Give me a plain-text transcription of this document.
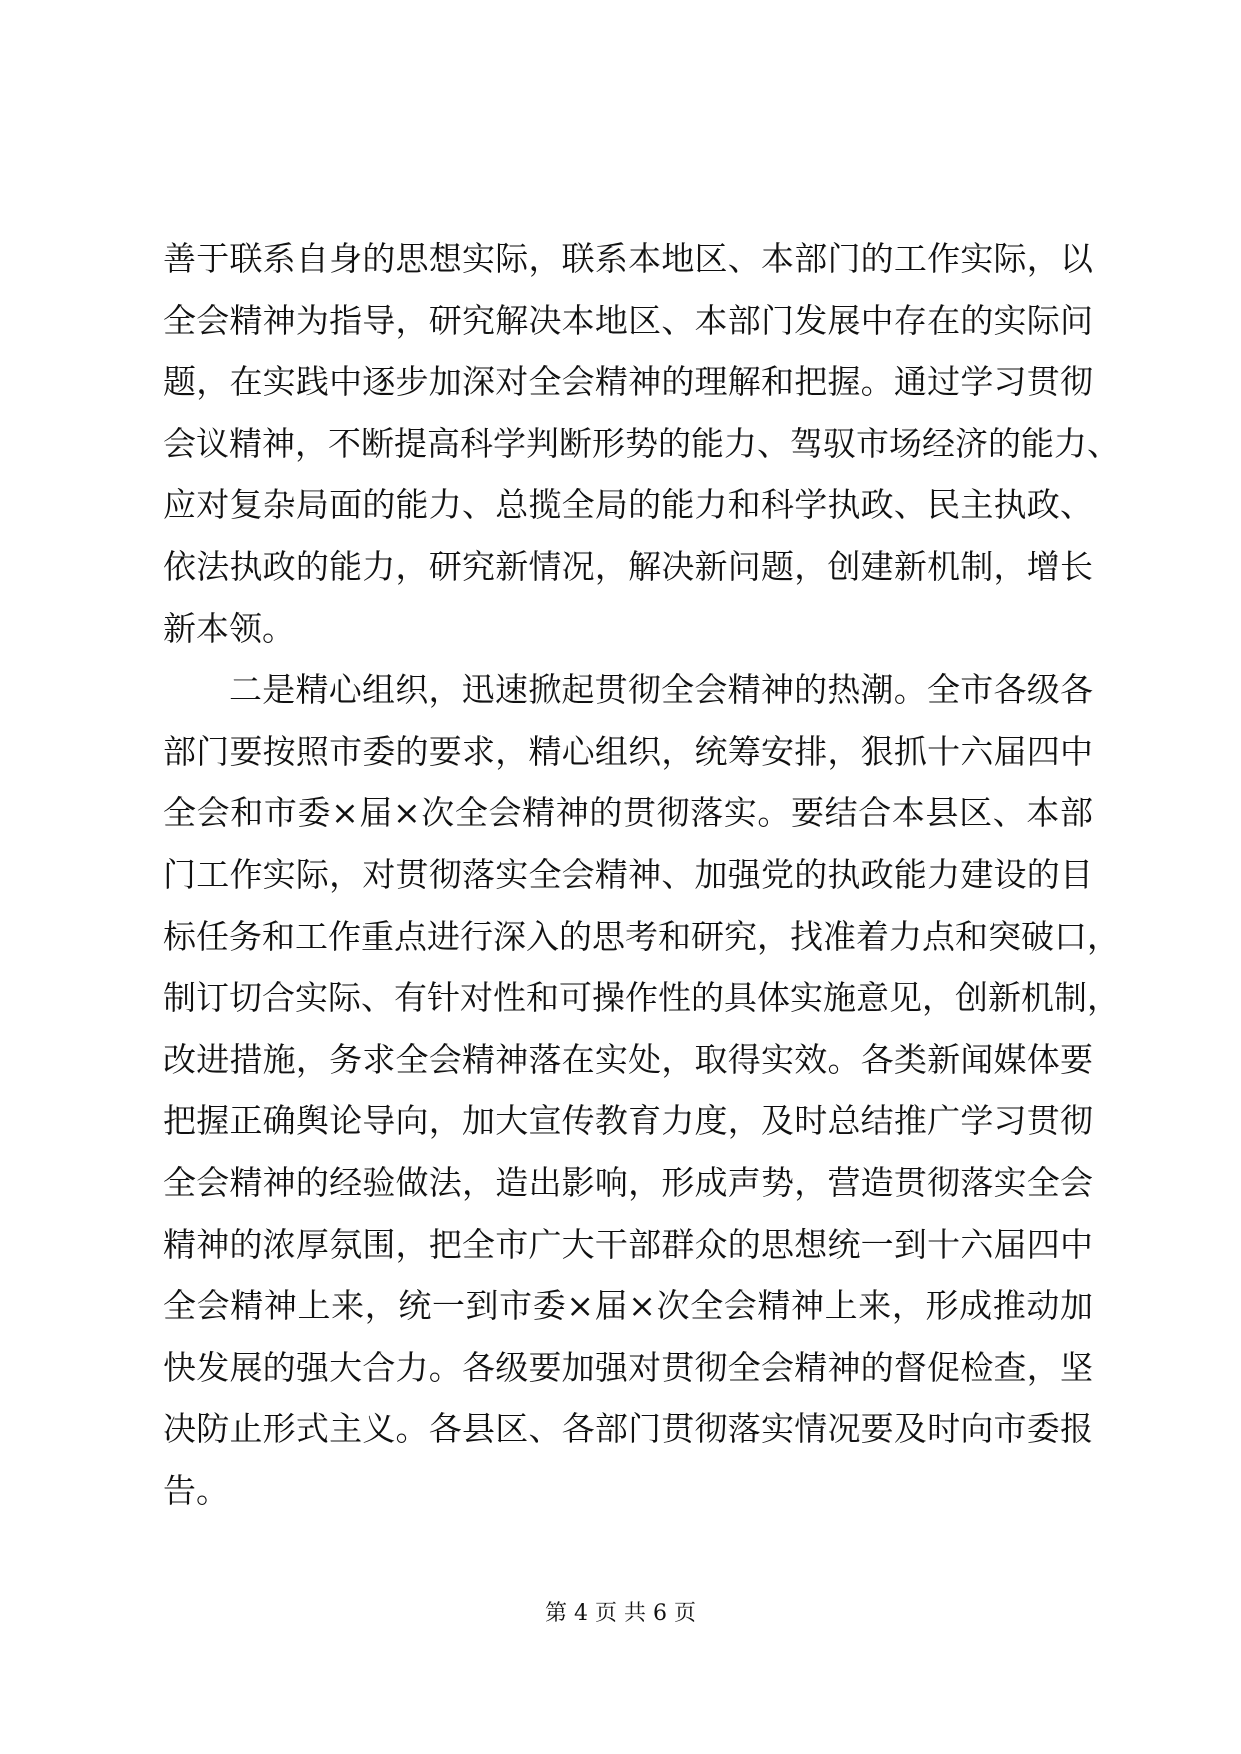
善于联系自身的思想实际，联系本地区、本部门的工作实际，以
全会精神为指导，研究解决本地区、本部门发展中存在的实际问
题，在实践中逐步加深对全会精神的理解和把握。通过学习贯彻
会议精神，不断提高科学判断形势的能力、驾驭市场经济的能力、
应对复杂局面的能力、总揽全局的能力和科学执政、民主执政、
依法执政的能力，研究新情况，解决新问题，创建新机制，增长
新本领。
二是精心组织，迅速掀起贯彻全会精神的热潮。全市各级各
部门要按照市委的要求，精心组织，统筹安排，狠抓十六届四中
全会和市委×届×次全会精神的贯彻落实。要结合本县区、本部
门工作实际，对贯彻落实全会精神、加强党的执政能力建设的目
标任务和工作重点进行深入的思考和研究，找准着力点和突破口，
制订切合实际、有针对性和可操作性的具体实施意见，创新机制，
改进措施，务求全会精神落在实处，取得实效。各类新闻媒体要
把握正确舆论导向，加大宣传教育力度，及时总结推广学习贯彻
全会精神的经验做法，造出影响，形成声势，营造贯彻落实全会
精神的浓厚氛围，把全市广大干部群众的思想统一到十六届四中
全会精神上来，统一到市委×届×次全会精神上来，形成推动加
快发展的强大合力。各级要加强对贯彻全会精神的督促检查，坚
决防止形式主义。各县区、各部门贯彻落实情况要及时向市委报
告。
第 4 页 共 6 页
